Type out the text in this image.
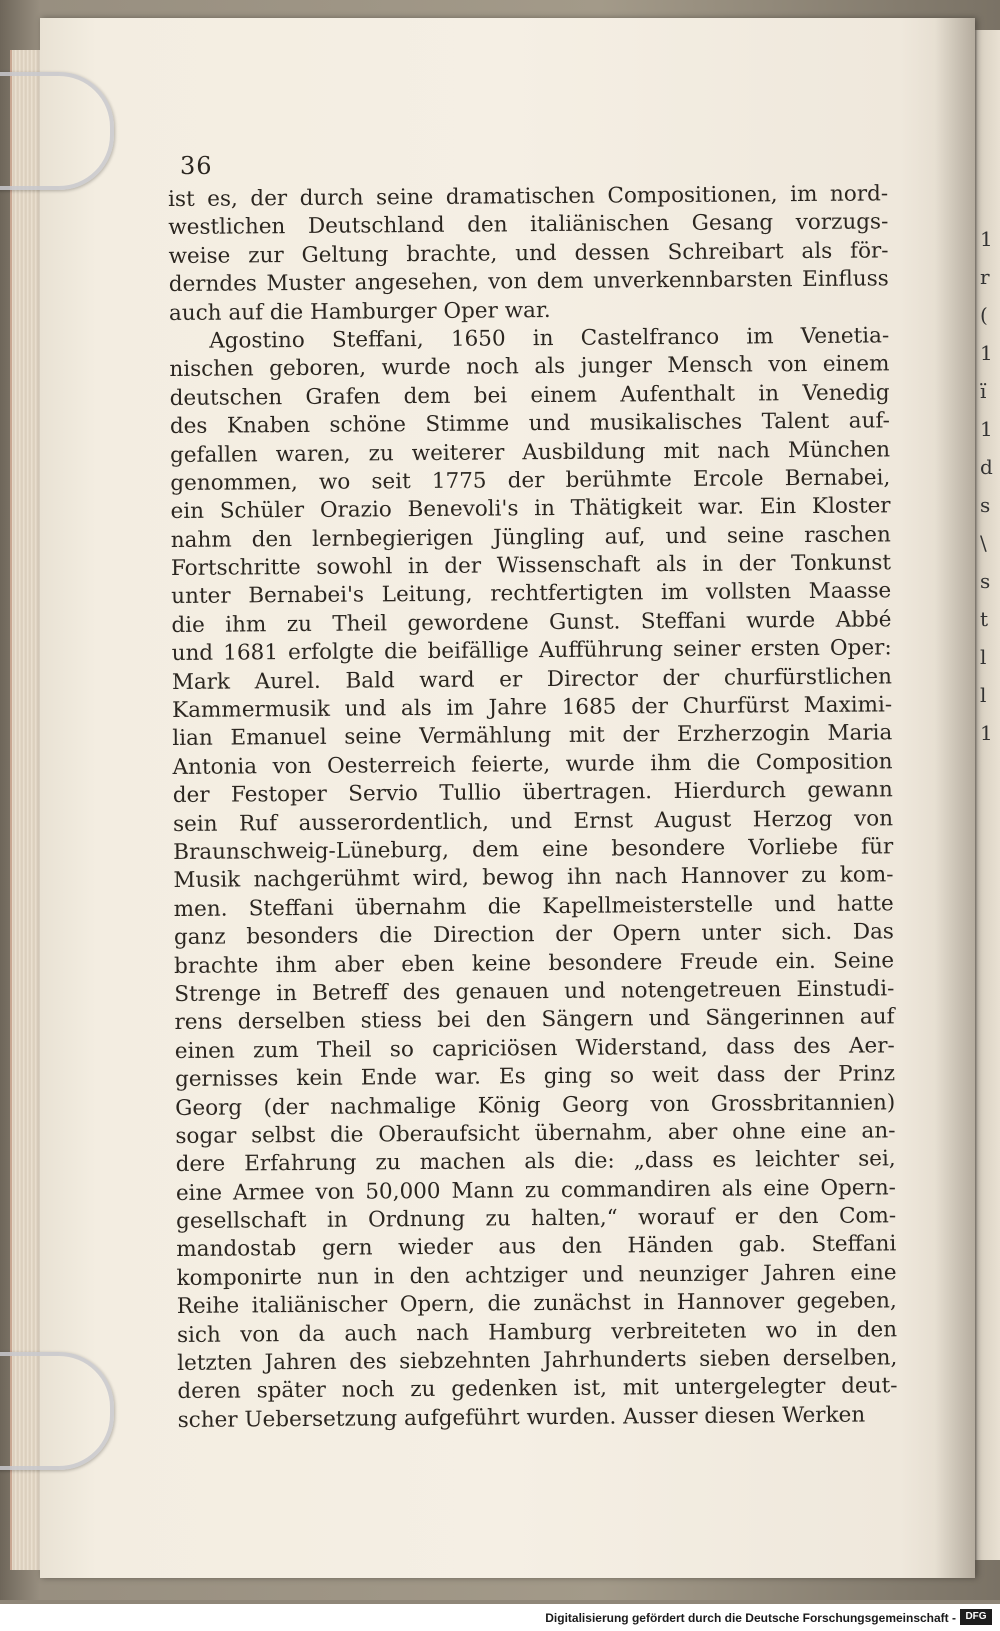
1
r
(
1
ï
1
d
s
\
s
t
l
l
1
36
ist es, der durch seine dramatischen Compositionen, im nord-
westlichen Deutschland den italiänischen Gesang vorzugs-
weise zur Geltung brachte, und dessen Schreibart als för-
derndes Muster angesehen, von dem unverkennbarsten Einfluss
auch auf die Hamburger Oper war.
Agostino Steffani, 1650 in Castelfranco im Venetia-
nischen geboren, wurde noch als junger Mensch von einem
deutschen Grafen dem bei einem Aufenthalt in Venedig
des Knaben schöne Stimme und musikalisches Talent auf-
gefallen waren, zu weiterer Ausbildung mit nach München
genommen, wo seit 1775 der berühmte Ercole Bernabei,
ein Schüler Orazio Benevoli's in Thätigkeit war. Ein Kloster
nahm den lernbegierigen Jüngling auf, und seine raschen
Fortschritte sowohl in der Wissenschaft als in der Tonkunst
unter Bernabei's Leitung, rechtfertigten im vollsten Maasse
die ihm zu Theil gewordene Gunst. Steffani wurde Abbé
und 1681 erfolgte die beifällige Aufführung seiner ersten Oper:
Mark Aurel. Bald ward er Director der churfürstlichen
Kammermusik und als im Jahre 1685 der Churfürst Maximi-
lian Emanuel seine Vermählung mit der Erzherzogin Maria
Antonia von Oesterreich feierte, wurde ihm die Composition
der Festoper Servio Tullio übertragen. Hierdurch gewann
sein Ruf ausserordentlich, und Ernst August Herzog von
Braunschweig-Lüneburg, dem eine besondere Vorliebe für
Musik nachgerühmt wird, bewog ihn nach Hannover zu kom-
men. Steffani übernahm die Kapellmeisterstelle und hatte
ganz besonders die Direction der Opern unter sich. Das
brachte ihm aber eben keine besondere Freude ein. Seine
Strenge in Betreff des genauen und notengetreuen Einstudi-
rens derselben stiess bei den Sängern und Sängerinnen auf
einen zum Theil so capriciösen Widerstand, dass des Aer-
gernisses kein Ende war. Es ging so weit dass der Prinz
Georg (der nachmalige König Georg von Grossbritannien)
sogar selbst die Oberaufsicht übernahm, aber ohne eine an-
dere Erfahrung zu machen als die: „dass es leichter sei,
eine Armee von 50,000 Mann zu commandiren als eine Opern-
gesellschaft in Ordnung zu halten,“ worauf er den Com-
mandostab gern wieder aus den Händen gab. Steffani
komponirte nun in den achtziger und neunziger Jahren eine
Reihe italiänischer Opern, die zunächst in Hannover gegeben,
sich von da auch nach Hamburg verbreiteten wo in den
letzten Jahren des siebzehnten Jahrhunderts sieben derselben,
deren später noch zu gedenken ist, mit untergelegter deut-
scher Uebersetzung aufgeführt wurden. Ausser diesen Werken
Digitalisierung gefördert durch die Deutsche Forschungsgemeinschaft - DFG
